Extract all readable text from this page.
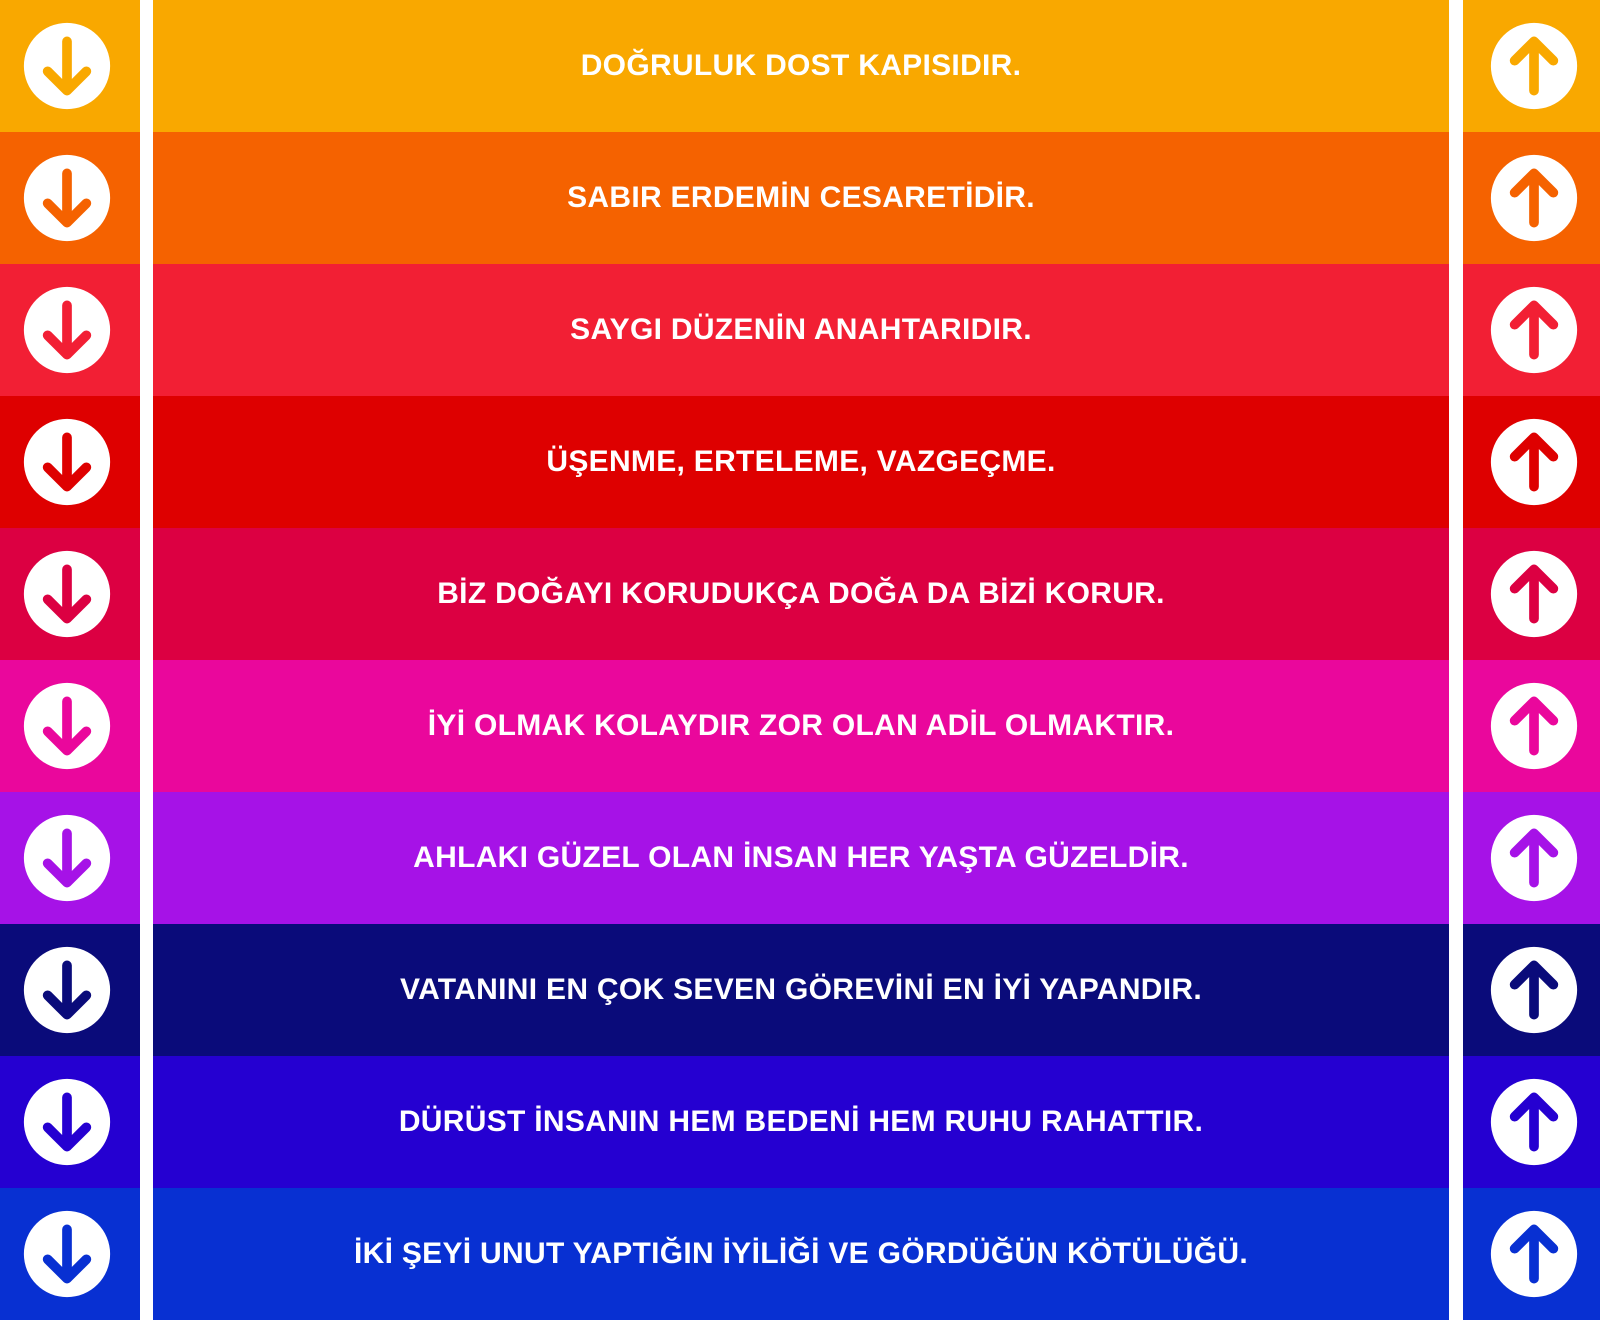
DOĞRULUK DOST KAPISIDIR.
SABIR ERDEMİN CESARETİDİR.
SAYGI DÜZENİN ANAHTARIDIR.
ÜŞENME, ERTELEME, VAZGEÇME.
BİZ DOĞAYI KORUDUKÇA DOĞA DA BİZİ KORUR.
İYİ OLMAK KOLAYDIR ZOR OLAN ADİL OLMAKTIR.
AHLAKI GÜZEL OLAN İNSAN HER YAŞTA GÜZELDİR.
VATANINI EN ÇOK SEVEN GÖREVİNİ EN İYİ YAPANDIR.
DÜRÜST İNSANIN HEM BEDENİ HEM RUHU RAHATTIR.
İKİ ŞEYİ UNUT YAPTIĞIN İYİLİĞİ VE GÖRDÜĞÜN KÖTÜLÜĞÜ.
